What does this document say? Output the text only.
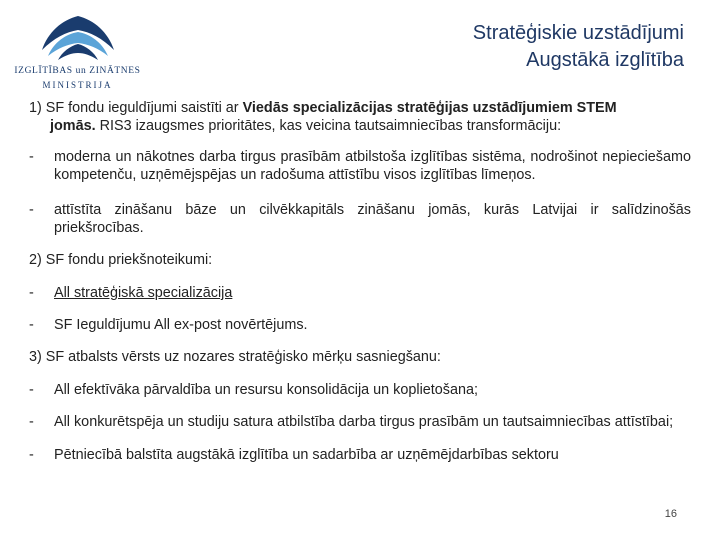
IZGLĪTĪBAS un ZINĀTNES
MINISTRIJA
Stratēģiskie uzstādījumi
Augstākā izglītība

1) SF fondu ieguldījumi saistīti ar Viedās specializācijas stratēģijas uzstādījumiem STEM
jomās. RIS3 izaugsmes prioritātes, kas veicina tautsaimniecības transformāciju:

-	moderna un nākotnes darba tirgus prasībām atbilstoša izglītības sistēma, nodrošinot nepieciešamo kompetenču, uzņēmējspējas un radošuma attīstību visos izglītības līmeņos.
-	attīstīta zināšanu bāze un cilvēkkapitāls zināšanu jomās, kurās Latvijai ir salīdzinošās priekšrocības.

2) SF fondu priekšnoteikumi:

-	All stratēģiskā specializācija
-	SF Ieguldījumu All ex-post novērtējums.

3) SF atbalsts vērsts uz nozares stratēģisko mērķu sasniegšanu:

-	All efektīvāka pārvaldība un resursu konsolidācija un koplietošana;
-	All konkurētspēja un studiju satura atbilstība darba tirgus prasībām un tautsaimniecības attīstībai;
-	Pētniecībā balstīta augstākā izglītība un sadarbība ar uzņēmējdarbības sektoru
16
